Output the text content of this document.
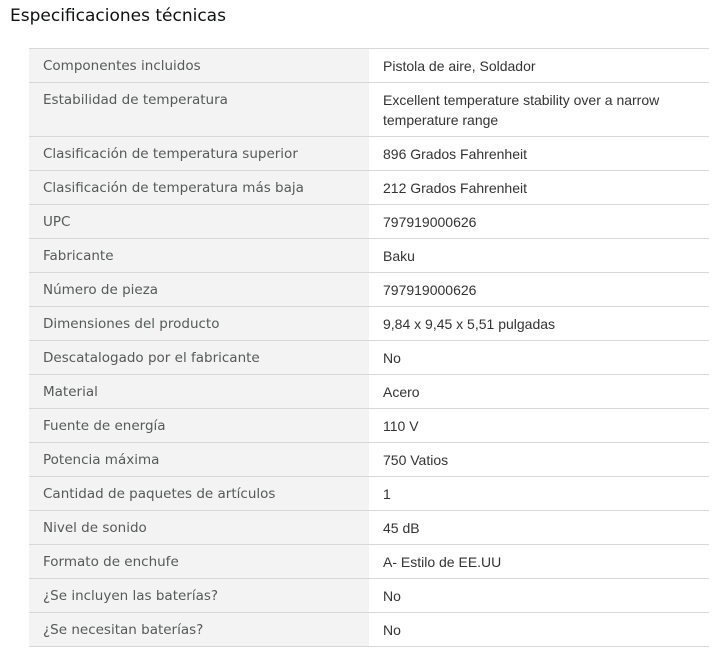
Especificaciones técnicas
Componentes incluidos	Pistola de aire, Soldador

Estabilidad de temperatura	Excellent temperature stability over a narrow temperature range

Clasificación de temperatura superior	896 Grados Fahrenheit

Clasificación de temperatura más baja	212 Grados Fahrenheit

UPC	797919000626

Fabricante	Baku

Número de pieza	797919000626

Dimensiones del producto	9,84 x 9,45 x 5,51 pulgadas

Descatalogado por el fabricante	No

Material	Acero

Fuente de energía	110 V

Potencia máxima	750 Vatios

Cantidad de paquetes de artículos	1

Nivel de sonido	45 dB

Formato de enchufe	A- Estilo de EE.UU

¿Se incluyen las baterías?	No

¿Se necesitan baterías?	No
